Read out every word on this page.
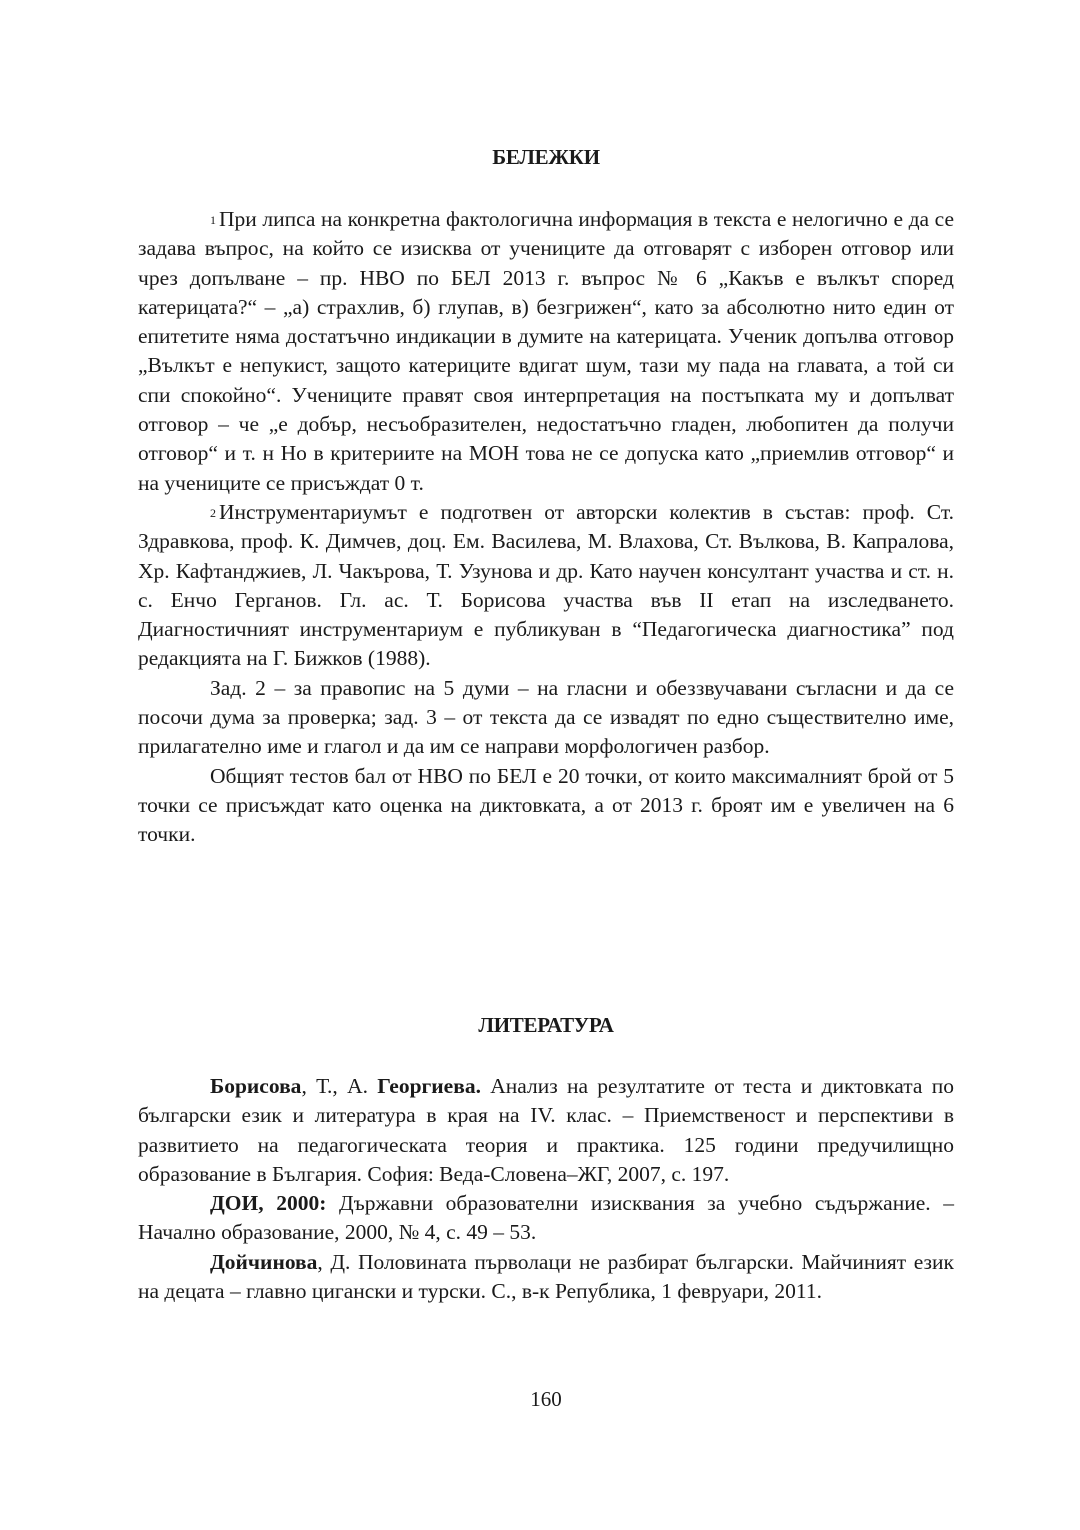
БЕЛЕЖКИ

$^1$ При липса на конкретна фактологична информация в текста е нелогично е да се задава въпрос, на който се изисква от учениците да отговарят с изборен отговор или чрез допълване – пр. НВО по БЕЛ 2013 г. въпрос № 6 „Какъв е вълкът според катерицата?“ – „а) страхлив, б) глупав, в) безгрижен“, като за абсолютно нито един от епитетите няма достатъчно индикации в думите на катерицата. Ученик допълва отговор „Вълкът е непукист, защото катериците вдигат шум, тази му пада на главата, а той си спи спокойно“. Учениците правят своя интерпретация на постъпката му и допълват отговор – че „е добър, несъобразителен, недостатъчно гладен, любопитен да получи отговор“ и т. н Но в критериите на МОН това не се допуска като „приемлив отговор“ и на учениците се присъждат 0 т.

$^2$ Инструментариумът е подготвен от авторски колектив в състав: проф. Ст. Здравкова, проф. К. Димчев, доц. Ем. Василева, М. Влахова, Ст. Вълкова, В. Капралова, Хр. Кафтанджиев, Л. Чакърова, Т. Узунова и др. Като научен консултант участва и ст. н. с. Енчо Герганов. Гл. ас. Т. Борисова участва във II етап на изследването. Диагностичният инструментариум е публикуван в “Педагогическа диагностика” под редакцията на Г. Бижков (1988).

Зад. 2 – за правопис на 5 думи – на гласни и обеззвучавани съгласни и да се посочи дума за проверка; зад. 3 – от текста да се извадят по едно съществително име, прилагателно име и глагол и да им се направи морфологичен разбор.

Общият тестов бал от НВО по БЕЛ е 20 точки, от които максималният брой от 5 точки се присъждат като оценка на диктовката, а от 2013 г. броят им е увеличен на 6 точки.

ЛИТЕРАТУРА

Борисова, Т., А. Георгиева. Анализ на резултатите от теста и диктовката по български език и литература в края на IV. клас. – Приемственост и перспективи в развитието на педагогическата теория и практика. 125 години предучилищно образование в България. София: Веда-Словена–ЖГ, 2007, с. 197.

ДОИ, 2000: Държавни образователни изисквания за учебно съдържание. – Начално образование, 2000, № 4, с. 49 – 53.

Дойчинова, Д. Половината първолаци не разбират български. Майчиният език на децата – главно цигански и турски. С., в-к Република, 1 февруари, 2011.

160
